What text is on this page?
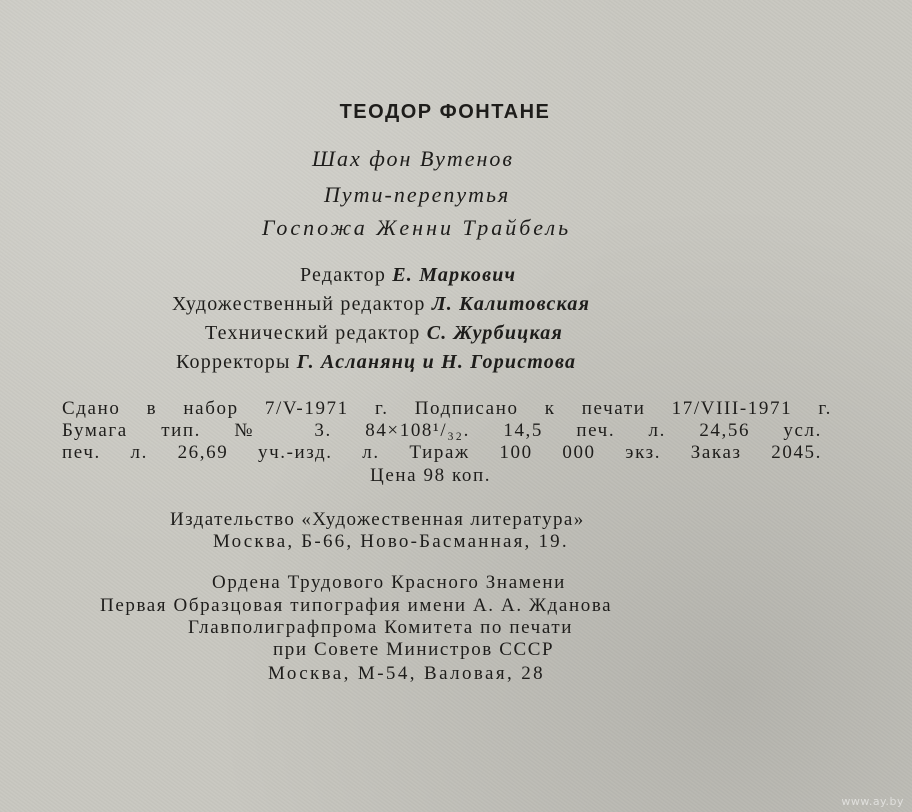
ТЕОДОР ФОНТАНЕ
Шах фон Вутенов
Пути-перепутья
Госпожа Женни Трайбель
Редактор Е. Маркович
Художественный редактор Л. Калитовская
Технический редактор С. Журбицкая
Корректоры Г. Асланянц и Н. Гористова
Сдано в набор 7/V-1971 г. Подписано к печати 17/VIII-1971 г.
Бумага тип. № 3. 84×108¹/₃₂. 14,5 печ. л. 24,56 усл.
печ. л. 26,69 уч.-изд. л. Тираж 100 000 экз. Заказ 2045.
Цена 98 коп.
Издательство «Художественная литература»
Москва, Б-66, Ново-Басманная, 19.
Ордена Трудового Красного Знамени
Первая Образцовая типография имени А. А. Жданова
Главполиграфпрома Комитета по печати
при Совете Министров СССР
Москва, М-54, Валовая, 28
www.ay.by
